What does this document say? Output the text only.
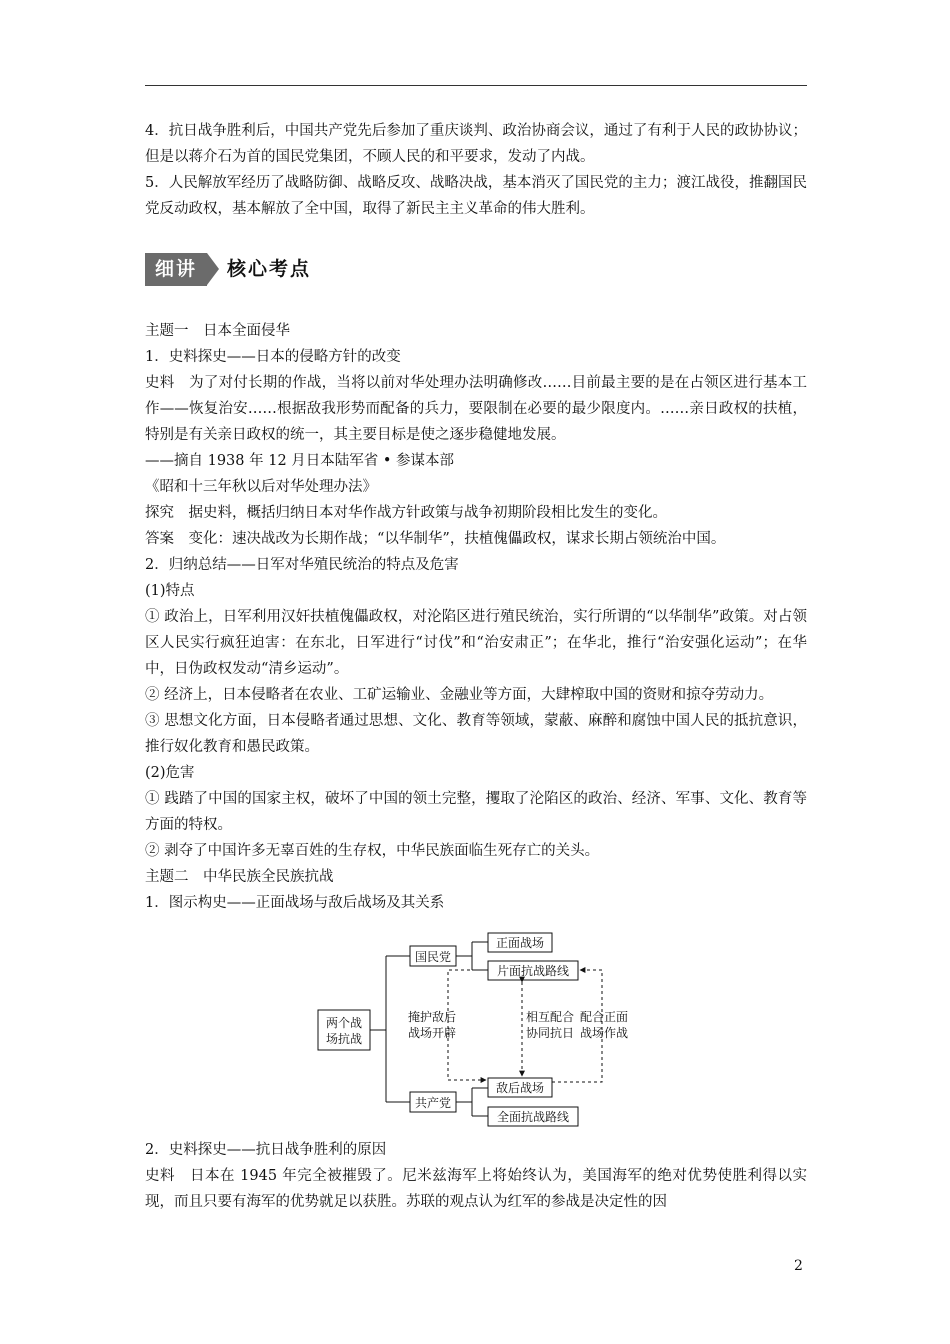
4．抗日战争胜利后，中国共产党先后参加了重庆谈判、政治协商会议，通过了有利于人民的政协协议；但是以蒋介石为首的国民党集团，不顾人民的和平要求，发动了内战。

5．人民解放军经历了战略防御、战略反攻、战略决战，基本消灭了国民党的主力；渡江战役，推翻国民党反动政权，基本解放了全中国，取得了新民主主义革命的伟大胜利。

细讲	核心考点

主题一　日本全面侵华

1．史料探史——日本的侵略方针的改变

史料　为了对付长期的作战，当将以前对华处理办法明确修改……目前最主要的是在占领区进行基本工作——恢复治安……根据敌我形势而配备的兵力，要限制在必要的最少限度内。……亲日政权的扶植，特别是有关亲日政权的统一，其主要目标是使之逐步稳健地发展。

——摘自 1938 年 12 月日本陆军省 • 参谋本部

《昭和十三年秋以后对华处理办法》

探究　据史料，概括归纳日本对华作战方针政策与战争初期阶段相比发生的变化。

答案　变化：速决战改为长期作战；“以华制华”，扶植傀儡政权，谋求长期占领统治中国。

2．归纳总结——日军对华殖民统治的特点及危害

(1)特点

① 政治上，日军利用汉奸扶植傀儡政权，对沦陷区进行殖民统治，实行所谓的“以华制华”政策。对占领区人民实行疯狂迫害：在东北，日军进行“讨伐”和“治安肃正”；在华北，推行“治安强化运动”；在华中，日伪政权发动“清乡运动”。

② 经济上，日本侵略者在农业、工矿运输业、金融业等方面，大肆榨取中国的资财和掠夺劳动力。

③ 思想文化方面，日本侵略者通过思想、文化、教育等领域，蒙蔽、麻醉和腐蚀中国人民的抵抗意识，推行奴化教育和愚民政策。

(2)危害

① 践踏了中国的国家主权，破坏了中国的领土完整，攫取了沦陷区的政治、经济、军事、文化、教育等方面的特权。

② 剥夺了中国许多无辜百姓的生存权，中华民族面临生死存亡的关头。

主题二　中华民族全民族抗战

1．图示构史——正面战场与敌后战场及其关系

两个战
场抗战
国民党
正面战场
片面抗战路线
共产党
敌后战场
全面抗战路线
掩护敌后
战场开辟
相互配合
协同抗日
配合正面
战场作战

2．史料探史——抗日战争胜利的原因

史料　日本在 1945 年完全被摧毁了。尼米兹海军上将始终认为，美国海军的绝对优势使胜利得以实现，而且只要有海军的优势就足以获胜。苏联的观点认为红军的参战是决定性的因

2
